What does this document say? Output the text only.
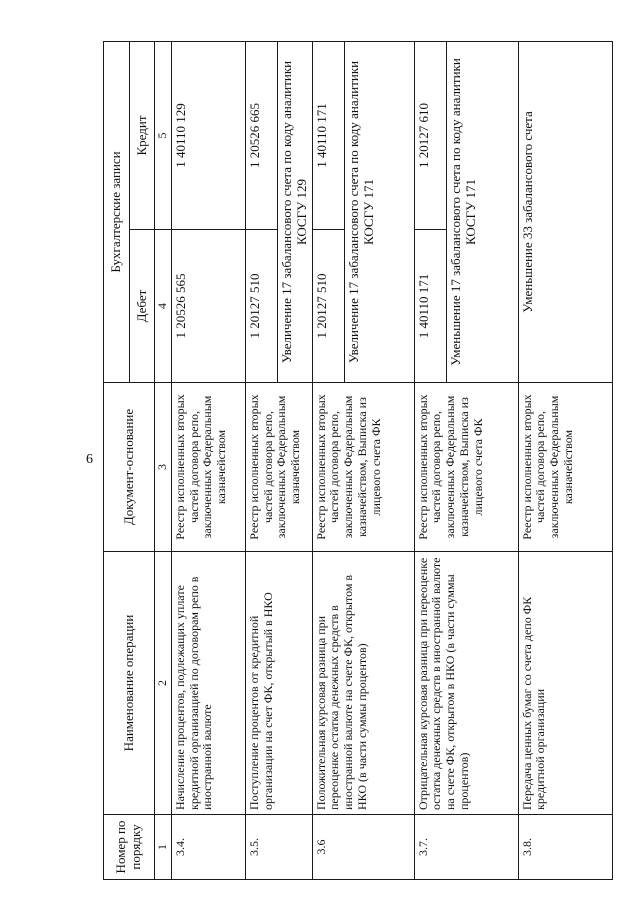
6
Номер по порядку	Наименование операции	Документ-основание	Бухгалтерские записи	
			Дебет	Кредит
1	2	3	4	5
3.4.	Начисление процентов, подлежащих уплате кредитной организацией по договорам репо в иностранной валюте	Реестр исполненных вторых частей договора репо, заключенных Федеральным казначейством	1 20526 565	1 40110 129
3.5.	Поступление процентов от кредитной организации на счет ФК, открытый в НКО	Реестр исполненных вторых частей договора репо, заключенных Федеральным казначейством	1 20127 510	1 20526 665
			Увеличение 17 забалансового счета по коду аналитики КОСГУ 129	
3.6	Положительная курсовая разница при переоценке остатка денежных средств в иностранной валюте на счете ФК, открытом в НКО (в части суммы процентов)	Реестр исполненных вторых частей договора репо, заключенных Федеральным казначейством, Выписка из лицевого счета ФК	1 20127 510	1 40110 171
			Увеличение 17 забалансового счета по коду аналитики КОСГУ 171	
3.7.	Отрицательная курсовая разница при переоценке остатка денежных средств в иностранной валюте на счете ФК, открытом в НКО (в части суммы процентов)	Реестр исполненных вторых частей договора репо, заключенных Федеральным казначейством, Выписка из лицевого счета ФК	1 40110 171	1 20127 610
			Уменьшение 17 забалансового счета по коду аналитики КОСГУ 171	
3.8.	Передача ценных бумаг со счета депо ФК кредитной организации	Реестр исполненных вторых частей договора репо, заключенных Федеральным казначейством	Уменьшение 33 забалансового счета	
